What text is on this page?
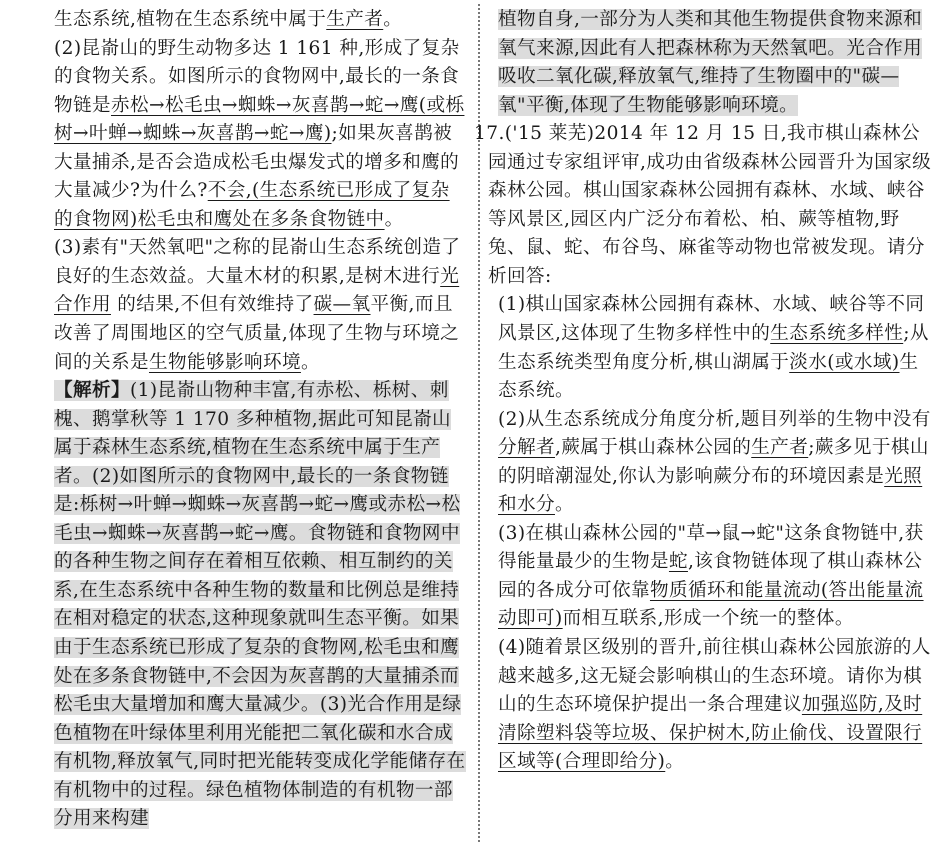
生态系统,植物在生态系统中属于生产者。

(2)昆嵛山的野生动物多达 1 161 种,形成了复杂的食物关系。如图所示的食物网中,最长的一条食物链是赤松→松毛虫→蜘蛛→灰喜鹊→蛇→鹰(或栎树→叶蝉→蜘蛛→灰喜鹊→蛇→鹰);如果灰喜鹊被大量捕杀,是否会造成松毛虫爆发式的增多和鹰的大量减少?为什么?不会,(生态系统已形成了复杂的食物网)松毛虫和鹰处在多条食物链中。

(3)素有"天然氧吧"之称的昆嵛山生态系统创造了良好的生态效益。大量木材的积累,是树木进行光合作用 的结果,不但有效维持了碳—氧平衡,而且改善了周围地区的空气质量,体现了生物与环境之间的关系是生物能够影响环境。

【解析】(1)昆嵛山物种丰富,有赤松、栎树、刺槐、鹅掌秋等 1 170 多种植物,据此可知昆嵛山属于森林生态系统,植物在生态系统中属于生产者。(2)如图所示的食物网中,最长的一条食物链是:栎树→叶蝉→蜘蛛→灰喜鹊→蛇→鹰或赤松→松毛虫→蜘蛛→灰喜鹊→蛇→鹰。食物链和食物网中的各种生物之间存在着相互依赖、相互制约的关系,在生态系统中各种生物的数量和比例总是维持在相对稳定的状态,这种现象就叫生态平衡。如果由于生态系统已形成了复杂的食物网,松毛虫和鹰处在多条食物链中,不会因为灰喜鹊的大量捕杀而松毛虫大量增加和鹰大量减少。(3)光合作用是绿色植物在叶绿体里利用光能把二氧化碳和水合成有机物,释放氧气,同时把光能转变成化学能储存在有机物中的过程。绿色植物体制造的有机物一部分用来构建

植物自身,一部分为人类和其他生物提供食物来源和氧气来源,因此有人把森林称为天然氧吧。光合作用吸收二氧化碳,释放氧气,维持了生物圈中的"碳—氧"平衡,体现了生物能够影响环境。

17.('15 莱芜)2014 年 12 月 15 日,我市棋山森林公园通过专家组评审,成功由省级森林公园晋升为国家级森林公园。棋山国家森林公园拥有森林、水域、峡谷等风景区,园区内广泛分布着松、柏、蕨等植物,野兔、鼠、蛇、布谷鸟、麻雀等动物也常被发现。请分析回答:

(1)棋山国家森林公园拥有森林、水域、峡谷等不同风景区,这体现了生物多样性中的生态系统多样性;从生态系统类型角度分析,棋山湖属于淡水(或水域)生态系统。

(2)从生态系统成分角度分析,题目列举的生物中没有 分解者,蕨属于棋山森林公园的生产者;蕨多见于棋山的阴暗潮湿处,你认为影响蕨分布的环境因素是光照和水分。

(3)在棋山森林公园的"草→鼠→蛇"这条食物链中,获得能量最少的生物是蛇,该食物链体现了棋山森林公园的各成分可依靠物质循环和能量流动(答出能量流动即可)而相互联系,形成一个统一的整体。

(4)随着景区级别的晋升,前往棋山森林公园旅游的人越来越多,这无疑会影响棋山的生态环境。请你为棋山的生态环境保护提出一条合理建议加强巡防,及时清除塑料袋等垃圾、保护树木,防止偷伐、设置限行区域等(合理即给分)。
